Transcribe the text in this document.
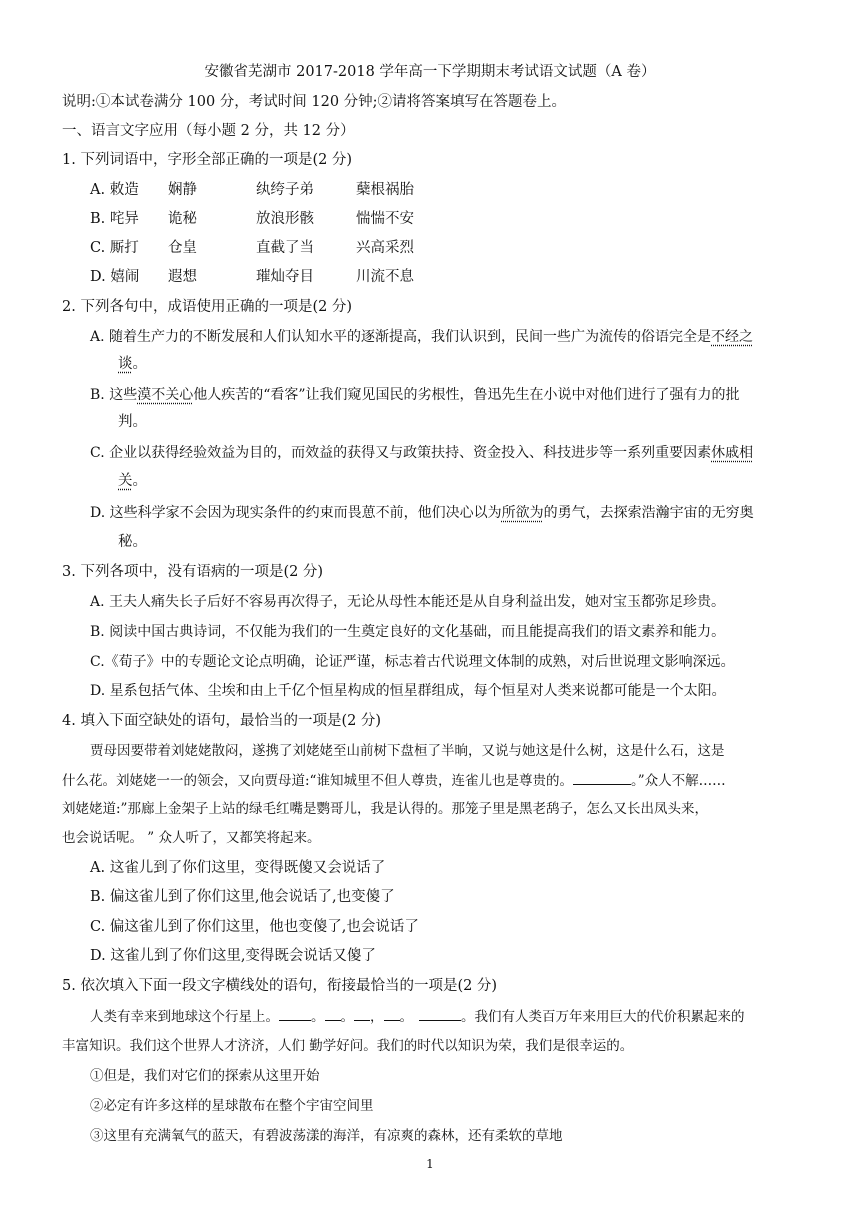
安徽省芜湖市 2017-2018 学年高一下学期期末考试语文试题（A 卷）
说明:①本试卷满分 100 分，考试时间 120 分钟;②请将答案填写在答题卷上。
一、语言文字应用（每小题 2 分，共 12 分）
1. 下列词语中，字形全部正确的一项是(2 分)
A. 敕造 娴静	纨绔子弟	蘖根祸胎
B. 咤异 诡秘	放浪形骸	惴惴不安
C. 厮打 仓皇	直截了当	兴高采烈
D. 嬉闹 遐想	璀灿夺目	川流不息
2. 下列各句中，成语使用正确的一项是(2 分)
A. 随着生产力的不断发展和人们认知水平的逐渐提高，我们认识到，民间一些广为流传的俗语完全是不经之
谈。
B. 这些漠不关心他人疾苦的“看客”让我们窥见国民的劣根性，鲁迅先生在小说中对他们进行了强有力的批
判。
C. 企业以获得经验效益为目的，而效益的获得又与政策扶持、资金投入、科技进步等一系列重要因素休戚相
关。
D. 这些科学家不会因为现实条件的约束而畏葸不前，他们决心以为所欲为的勇气，去探索浩瀚宇宙的无穷奥
秘。
3. 下列各项中，没有语病的一项是(2 分)
A. 王夫人痛失长子后好不容易再次得子，无论从母性本能还是从自身利益出发，她对宝玉都弥足珍贵。
B. 阅读中国古典诗词，不仅能为我们的一生奠定良好的文化基础，而且能提高我们的语文素养和能力。
C.《荀子》中的专题论文论点明确，论证严谨，标志着古代说理文体制的成熟，对后世说理文影响深远。
D. 星系包括气体、尘埃和由上千亿个恒星构成的恒星群组成，每个恒星对人类来说都可能是一个太阳。
4. 填入下面空缺处的语句，最恰当的一项是(2 分)
贾母因要带着刘姥姥散闷，遂携了刘姥姥至山前树下盘桓了半晌，又说与她这是什么树，这是什么石，这是
什么花。刘姥姥一一的领会，又向贾母道:“谁知城里不但人尊贵，连雀儿也是尊贵的。	。”众人不解……
刘姥姥道:”那廊上金架子上站的绿毛红嘴是鹦哥儿，我是认得的。那笼子里是黑老鸹子，怎么又长出凤头来，
也会说话呢。 ” 众人听了，又都笑将起来。
A. 这雀儿到了你们这里，变得既傻又会说话了
B. 偏这雀儿到了你们这里,他会说话了,也变傻了
C. 偏这雀儿到了你们这里，他也变傻了,也会说话了
D. 这雀儿到了你们这里,变得既会说话又傻了
5. 依次填入下面一段文字横线处的语句，衔接最恰当的一项是(2 分)
人类有幸来到地球这个行星上。 。 。 ， 。	。我们有人类百万年来用巨大的代价积累起来的
丰富知识。我们这个世界人才济济，人们 勤学好问。我们的时代以知识为荣，我们是很幸运的。
①但是，我们对它们的探索从这里开始
②必定有许多这样的星球散布在整个宇宙空间里
③这里有充满氧气的蓝天，有碧波荡漾的海洋，有凉爽的森林，还有柔软的草地
1
